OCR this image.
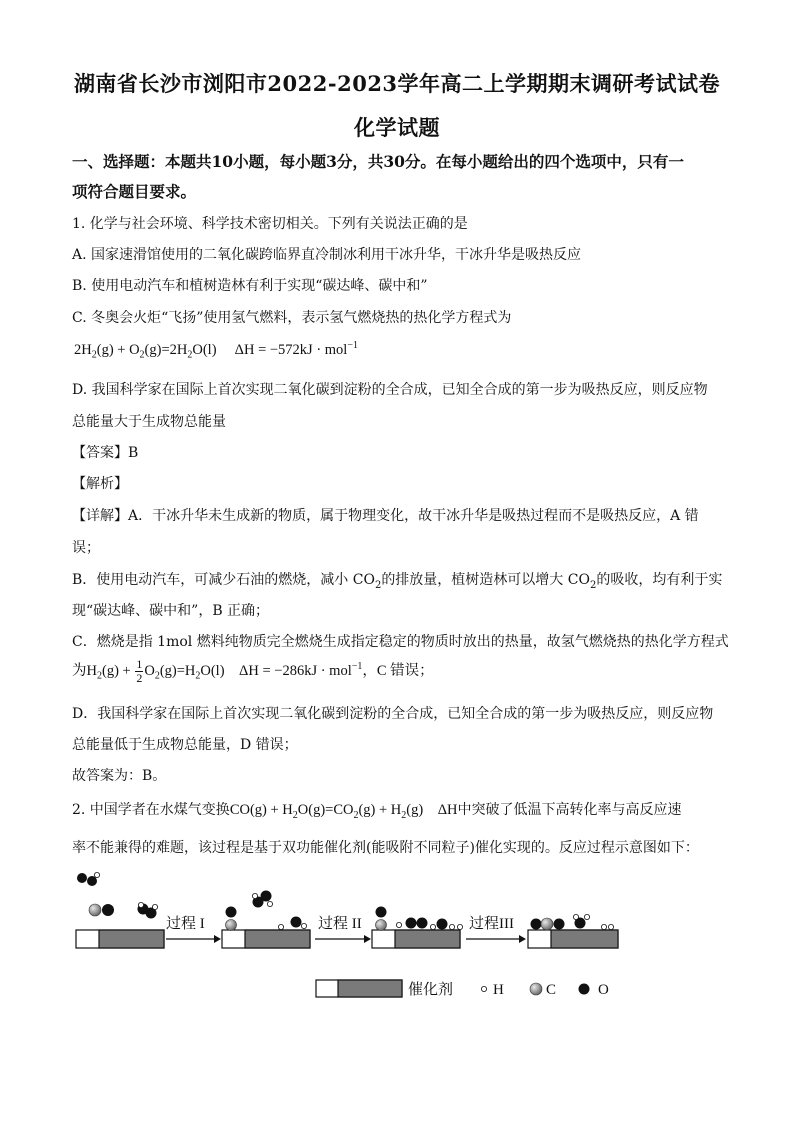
湖南省长沙市浏阳市2022-2023学年高二上学期期末调研考试试卷
化学试题
一、选择题：本题共10小题，每小题3分，共30分。在每小题给出的四个选项中，只有一
项符合题目要求。
1. 化学与社会环境、科学技术密切相关。下列有关说法正确的是
A. 国家速滑馆使用的二氧化碳跨临界直冷制冰利用干冰升华，干冰升华是吸热反应
B. 使用电动汽车和植树造林有利于实现“碳达峰、碳中和”
C. 冬奥会火炬“飞扬”使用氢气燃料，表示氢气燃烧热的热化学方程式为
$2H_2(g) + O_2(g)=2H_2O(l)$     ΔH = −572kJ · mol$^{-1}$
D. 我国科学家在国际上首次实现二氧化碳到淀粉的全合成，已知全合成的第一步为吸热反应，则反应物
总能量大于生成物总能量
【答案】B
【解析】
【详解】A．干冰升华未生成新的物质，属于物理变化，故干冰升华是吸热过程而不是吸热反应，A 错
误；
B．使用电动汽车，可减少石油的燃烧，减小 $CO_2$的排放量，植树造林可以增大 $CO_2$的吸收，均有利于实
现“碳达峰、碳中和”，B 正确；
C．燃烧是指 1mol 燃料纯物质完全燃烧生成指定稳定的物质时放出的热量，故氢气燃烧热的热化学方程式
为$H_2(g) + \frac{1}{2} O_2(g)=H_2O(l)$    ΔH = −286kJ · mol$^{-1}$，C 错误；
D．我国科学家在国际上首次实现二氧化碳到淀粉的全合成，已知全合成的第一步为吸热反应，则反应物
总能量低于生成物总能量，D 错误；
故答案为：B。
2. 中国学者在水煤气变换$CO(g) + H_2O(g)=CO_2(g) + H_2(g)$    ΔH中突破了低温下高转化率与高反应速
率不能兼得的难题，该过程是基于双功能催化剂(能吸附不同粒子)催化实现的。反应过程示意图如下：
过程 I	过程 II	过程III
催化剂	H	C	O
